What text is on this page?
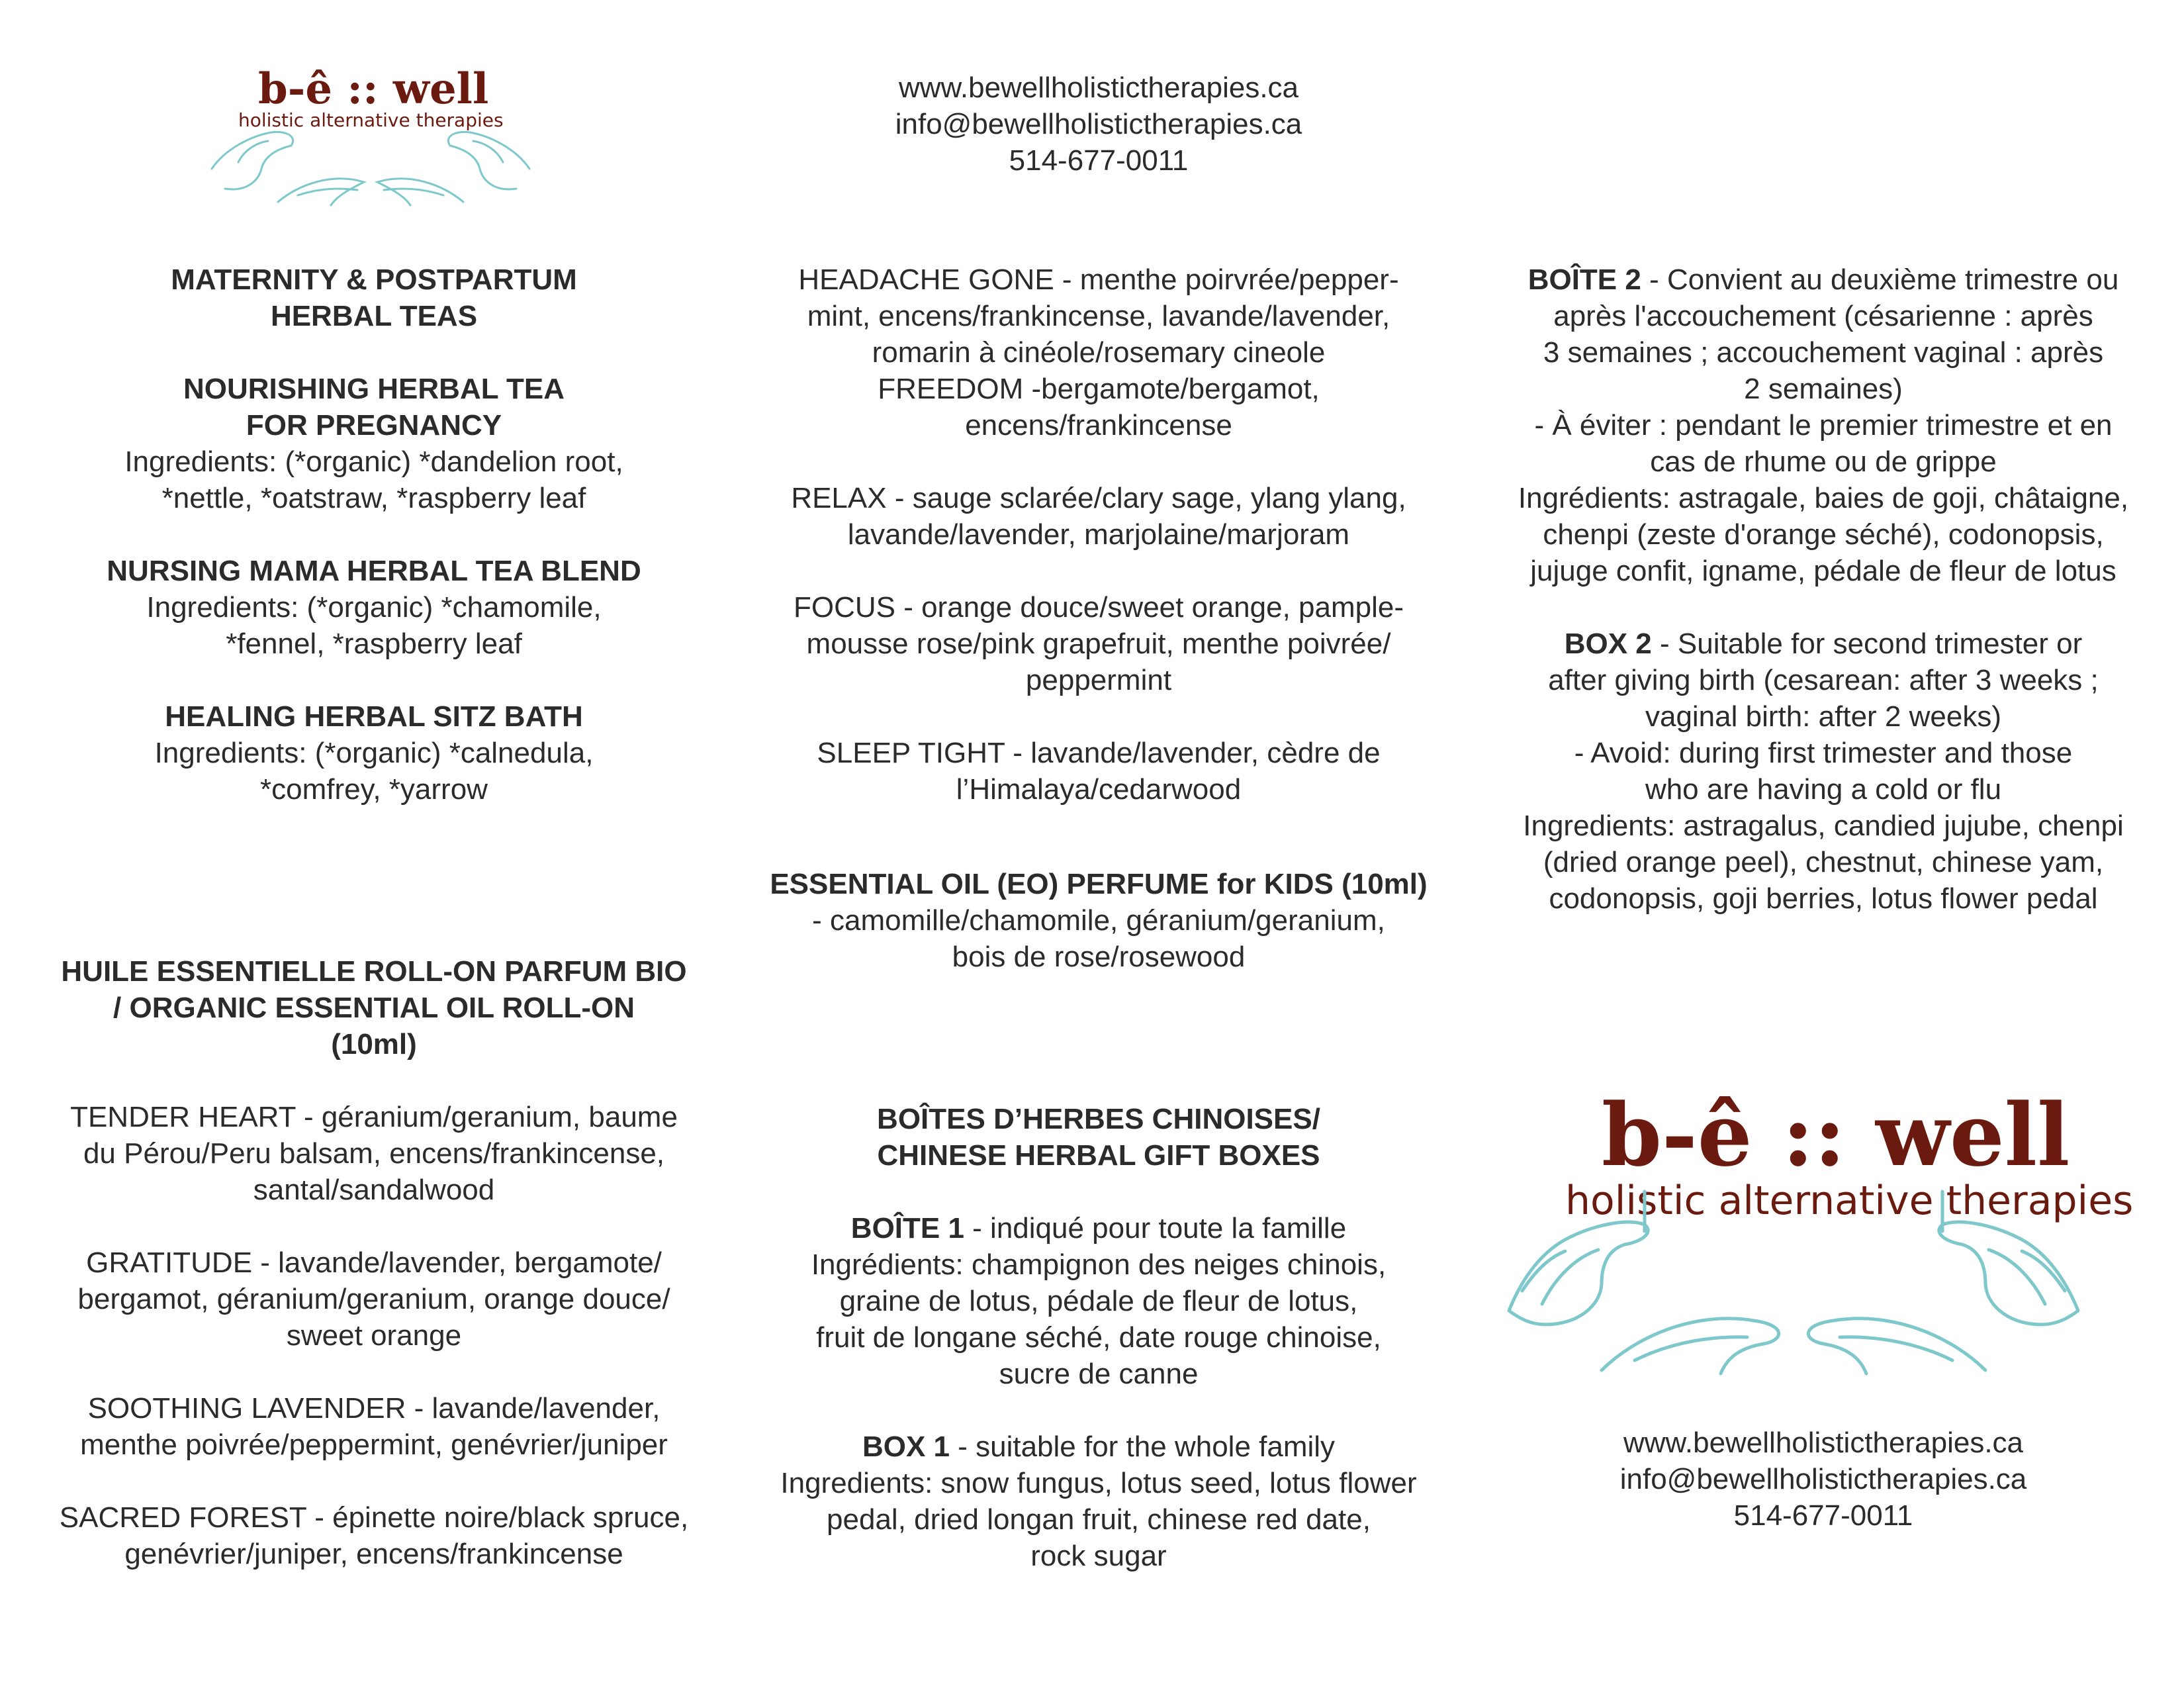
b-ê :: well
holistic alternative therapies
www.bewellholistictherapies.ca
info@bewellholistictherapies.ca
514-677-0011
MATERNITY & POSTPARTUM
HERBAL TEAS
NOURISHING HERBAL TEA
FOR PREGNANCY
Ingredients: (*organic) *dandelion root,
*nettle, *oatstraw, *raspberry leaf
NURSING MAMA HERBAL TEA BLEND
Ingredients: (*organic) *chamomile,
*fennel, *raspberry leaf
HEALING HERBAL SITZ BATH
Ingredients: (*organic) *calnedula,
*comfrey, *yarrow
HUILE ESSENTIELLE ROLL-ON PARFUM BIO
/ ORGANIC ESSENTIAL OIL ROLL-ON
(10ml)
TENDER HEART - géranium/geranium, baume
du Pérou/Peru balsam, encens/frankincense,
santal/sandalwood
GRATITUDE - lavande/lavender, bergamote/
bergamot, géranium/geranium, orange douce/
sweet orange
SOOTHING LAVENDER - lavande/lavender,
menthe poivrée/peppermint, genévrier/juniper
SACRED FOREST - épinette noire/black spruce,
genévrier/juniper, encens/frankincense
HEADACHE GONE - menthe poirvrée/pepper-
mint, encens/frankincense, lavande/lavender,
romarin à cinéole/rosemary cineole
FREEDOM -bergamote/bergamot,
encens/frankincense
RELAX - sauge sclarée/clary sage, ylang ylang,
lavande/lavender, marjolaine/marjoram
FOCUS - orange douce/sweet orange, pample-
mousse rose/pink grapefruit, menthe poivrée/
peppermint
SLEEP TIGHT - lavande/lavender, cèdre de
l’Himalaya/cedarwood
ESSENTIAL OIL (EO) PERFUME for KIDS (10ml)
- camomille/chamomile, géranium/geranium,
bois de rose/rosewood
BOÎTES D’HERBES CHINOISES/
CHINESE HERBAL GIFT BOXES
BOÎTE 1 - indiqué pour toute la famille
Ingrédients: champignon des neiges chinois,
graine de lotus, pédale de fleur de lotus,
fruit de longane séché, date rouge chinoise,
sucre de canne
BOX 1 - suitable for the whole family
Ingredients: snow fungus, lotus seed, lotus flower
pedal, dried longan fruit, chinese red date,
rock sugar
BOÎTE 2 - Convient au deuxième trimestre ou
après l'accouchement (césarienne : après
3 semaines ; accouchement vaginal : après
2 semaines)
- À éviter : pendant le premier trimestre et en
cas de rhume ou de grippe
Ingrédients: astragale, baies de goji, châtaigne,
chenpi (zeste d'orange séché), codonopsis,
jujuge confit, igname, pédale de fleur de lotus
BOX 2 - Suitable for second trimester or
after giving birth (cesarean: after 3 weeks ;
vaginal birth: after 2 weeks)
- Avoid: during first trimester and those
who are having a cold or flu
Ingredients: astragalus, candied jujube, chenpi
(dried orange peel), chestnut, chinese yam,
codonopsis, goji berries, lotus flower pedal
b-ê :: well
holistic alternative therapies
www.bewellholistictherapies.ca
info@bewellholistictherapies.ca
514-677-0011
